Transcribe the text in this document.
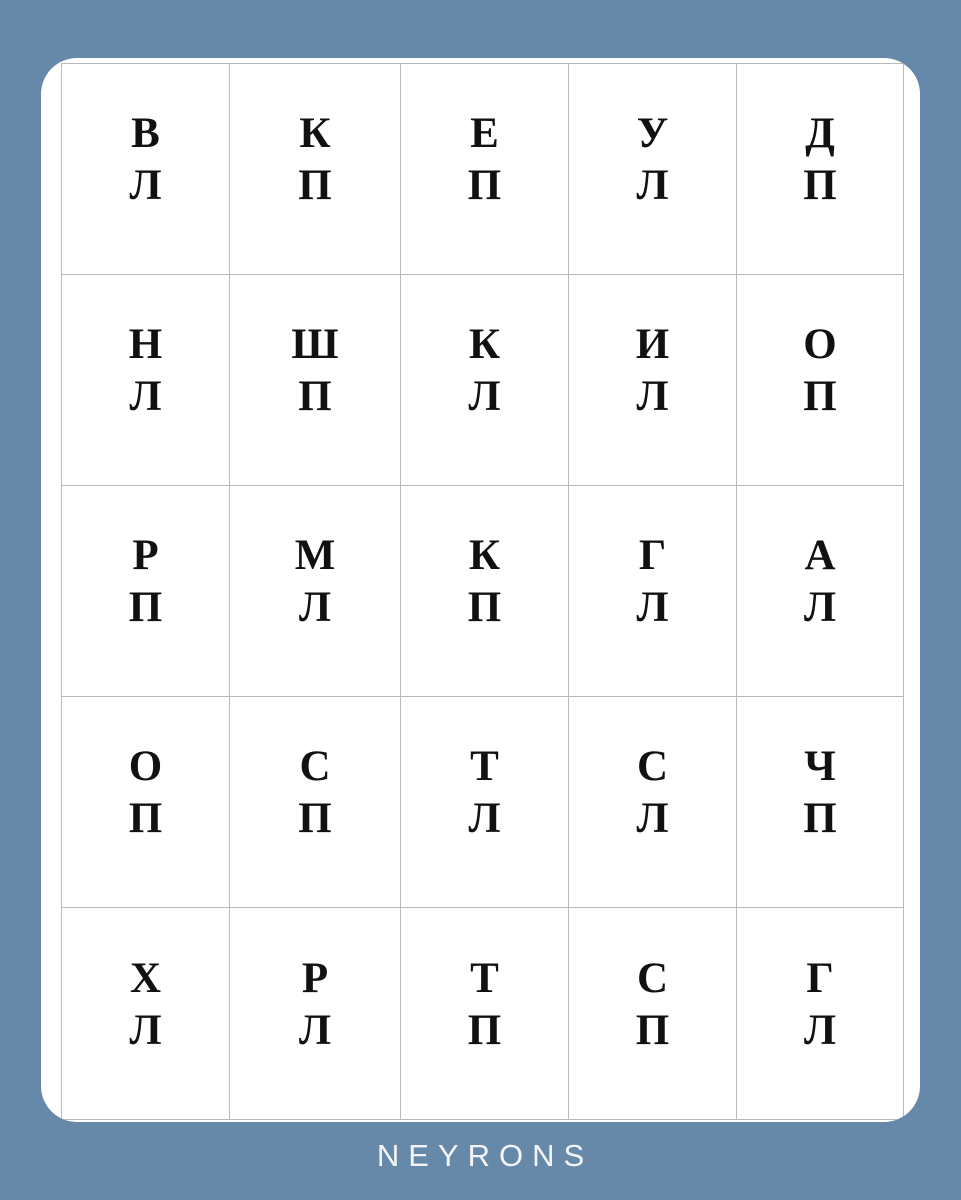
В
Л
К
П
Е
П
У
Л
Д
П
Н
Л
Ш
П
К
Л
И
Л
О
П
Р
П
М
Л
К
П
Г
Л
А
Л
О
П
С
П
Т
Л
С
Л
Ч
П
Х
Л
Р
Л
Т
П
С
П
Г
Л
NEYRONS
